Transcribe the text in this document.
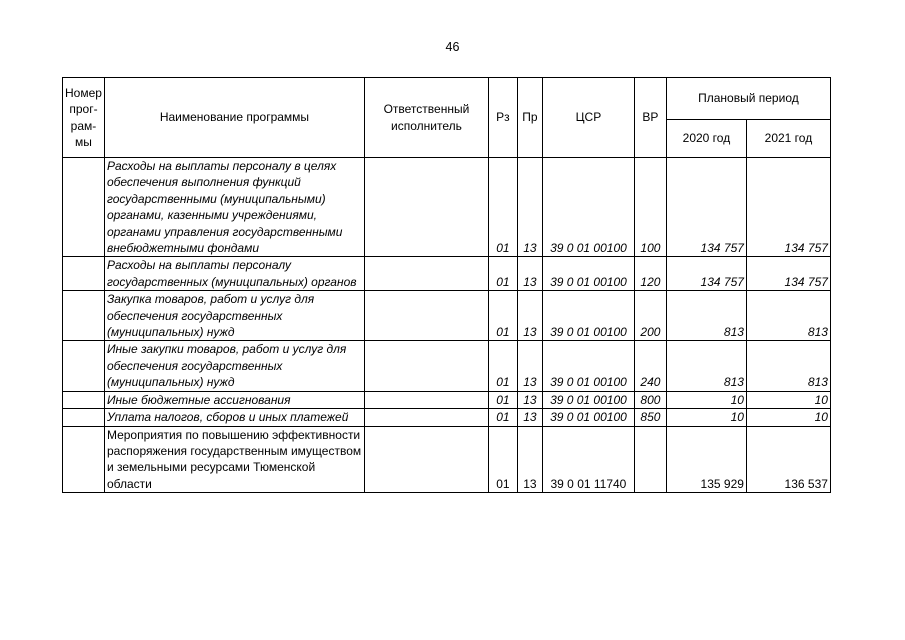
46
Номер прог-рам-мы	Наименование программы	Ответственный исполнитель	Рз	Пр	ЦСР	ВР	Плановый период	
							2020 год	2021 год
	Расходы на выплаты персоналу в целях обеспечения выполнения функций государственными (муниципальными) органами, казенными учреждениями, органами управления государственными внебюджетными фондами		01	13	39 0 01 00100	100	134 757	134 757
	Расходы на выплаты персоналу государственных (муниципальных) органов		01	13	39 0 01 00100	120	134 757	134 757
	Закупка товаров, работ и услуг для обеспечения государственных (муниципальных) нужд		01	13	39 0 01 00100	200	813	813
	Иные закупки товаров, работ и услуг для обеспечения государственных (муниципальных) нужд		01	13	39 0 01 00100	240	813	813
	Иные бюджетные ассигнования		01	13	39 0 01 00100	800	10	10
	Уплата налогов, сборов и иных платежей		01	13	39 0 01 00100	850	10	10
	Мероприятия по повышению эффективности распоряжения государственным имуществом и земельными ресурсами Тюменской области		01	13	39 0 01 11740		135 929	136 537
